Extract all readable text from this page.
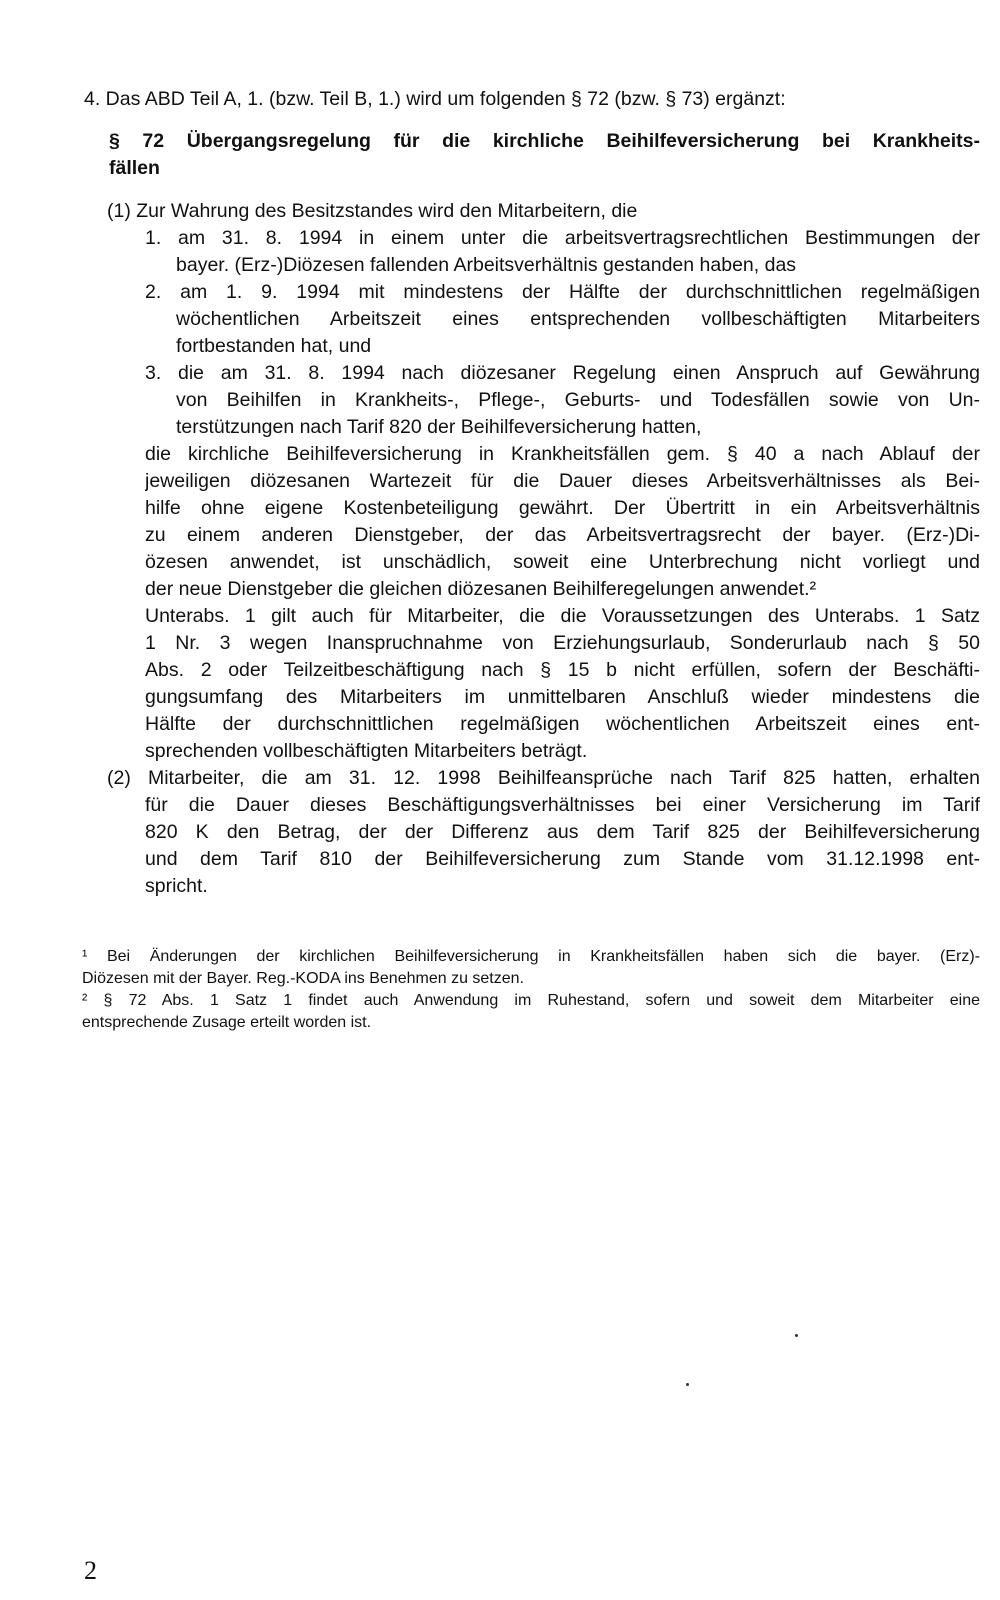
4. Das ABD Teil A, 1. (bzw. Teil B, 1.) wird um folgenden § 72 (bzw. § 73) ergänzt:
§ 72 Übergangsregelung für die kirchliche Beihilfeversicherung bei Krankheits-
fällen
(1) Zur Wahrung des Besitzstandes wird den Mitarbeitern, die
1. am 31. 8. 1994 in einem unter die arbeitsvertragsrechtlichen Bestimmungen der
bayer. (Erz-)Diözesen fallenden Arbeitsverhältnis gestanden haben, das
2. am 1. 9. 1994 mit mindestens der Hälfte der durchschnittlichen regelmäßigen
wöchentlichen Arbeitszeit eines entsprechenden vollbeschäftigten Mitarbeiters
fortbestanden hat, und
3. die am 31. 8. 1994 nach diözesaner Regelung einen Anspruch auf Gewährung
von Beihilfen in Krankheits-, Pflege-, Geburts- und Todesfällen sowie von Un-
terstützungen nach Tarif 820 der Beihilfeversicherung hatten,
die kirchliche Beihilfeversicherung in Krankheitsfällen gem. § 40 a nach Ablauf der
jeweiligen diözesanen Wartezeit für die Dauer dieses Arbeitsverhältnisses als Bei-
hilfe ohne eigene Kostenbeteiligung gewährt. Der Übertritt in ein Arbeitsverhältnis
zu einem anderen Dienstgeber, der das Arbeitsvertragsrecht der bayer. (Erz-)Di-
özesen anwendet, ist unschädlich, soweit eine Unterbrechung nicht vorliegt und
der neue Dienstgeber die gleichen diözesanen Beihilferegelungen anwendet.²
Unterabs. 1 gilt auch für Mitarbeiter, die die Voraussetzungen des Unterabs. 1 Satz
1 Nr. 3 wegen Inanspruchnahme von Erziehungsurlaub, Sonderurlaub nach § 50
Abs. 2 oder Teilzeitbeschäftigung nach § 15 b nicht erfüllen, sofern der Beschäfti-
gungsumfang des Mitarbeiters im unmittelbaren Anschluß wieder mindestens die
Hälfte der durchschnittlichen regelmäßigen wöchentlichen Arbeitszeit eines ent-
sprechenden vollbeschäftigten Mitarbeiters beträgt.
(2) Mitarbeiter, die am 31. 12. 1998 Beihilfeansprüche nach Tarif 825 hatten, erhalten
für die Dauer dieses Beschäftigungsverhältnisses bei einer Versicherung im Tarif
820 K den Betrag, der der Differenz aus dem Tarif 825 der Beihilfeversicherung
und dem Tarif 810 der Beihilfeversicherung zum Stande vom 31.12.1998 ent-
spricht.
¹ Bei Änderungen der kirchlichen Beihilfeversicherung in Krankheitsfällen haben sich die bayer. (Erz)-
Diözesen mit der Bayer. Reg.-KODA ins Benehmen zu setzen.
² § 72 Abs. 1 Satz 1 findet auch Anwendung im Ruhestand, sofern und soweit dem Mitarbeiter eine
entsprechende Zusage erteilt worden ist.
2
